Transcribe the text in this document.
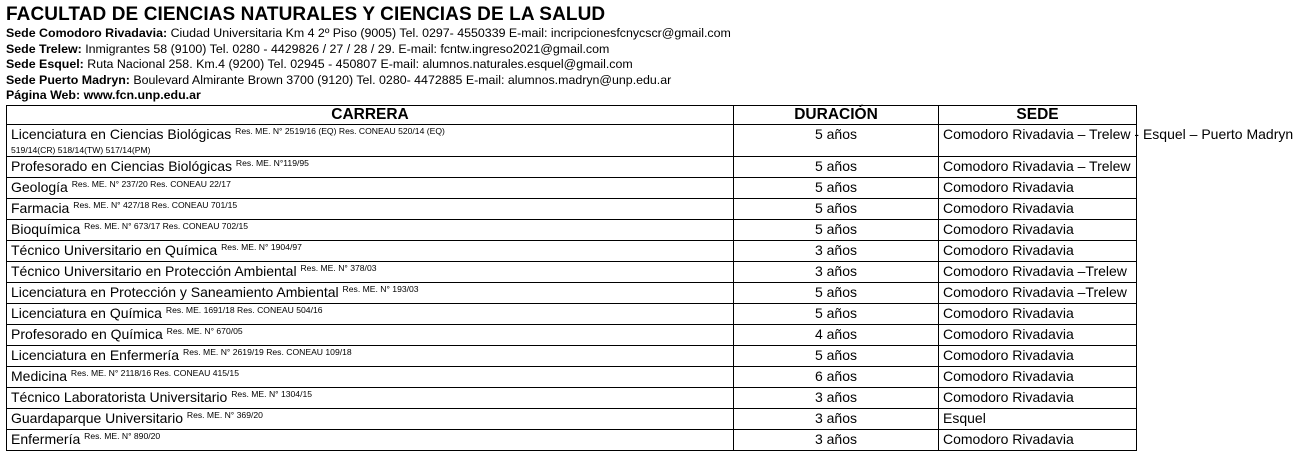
FACULTAD DE CIENCIAS NATURALES Y CIENCIAS DE LA SALUD
Sede Comodoro Rivadavia: Ciudad Universitaria Km 4 2º Piso (9005) Tel. 0297- 4550339 E-mail: incripcionesfcnycscr@gmail.com
Sede Trelew: Inmigrantes 58 (9100) Tel. 0280 - 4429826 / 27 / 28 / 29. E-mail: fcntw.ingreso2021@gmail.com
Sede Esquel: Ruta Nacional 258. Km.4 (9200) Tel. 02945 - 450807 E-mail: alumnos.naturales.esquel@gmail.com
Sede Puerto Madryn: Boulevard Almirante Brown 3700 (9120) Tel. 0280- 4472885 E-mail: alumnos.madryn@unp.edu.ar
Página Web: www.fcn.unp.edu.ar
CARRERA	DURACIÓN	SEDE
Licenciatura en Ciencias Biológicas $^{Res. ME. N^\circ 2519/16 (EQ) Res. CONEAU 520/14 (EQ)}$
519/14(CR) 518/14(TW) 517/14(PM)	5 años	Comodoro Rivadavia – Trelew - Esquel – Puerto Madryn
Profesorado en Ciencias Biológicas $^{Res. ME. N^\circ 119/95}$	5 años	Comodoro Rivadavia – Trelew
Geología $^{Res. ME. N^\circ 237/20 Res. CONEAU 22/17}$	5 años	Comodoro Rivadavia
Farmacia $^{Res. ME. N^\circ 427/18 Res. CONEAU 701/15}$	5 años	Comodoro Rivadavia
Bioquímica $^{Res. ME. N^\circ 673/17 Res. CONEAU 702/15}$	5 años	Comodoro Rivadavia
Técnico Universitario en Química $^{Res. ME. N^\circ 1904/97}$	3 años	Comodoro Rivadavia
Técnico Universitario en Protección Ambiental $^{Res. ME. N^\circ 378/03}$	3 años	Comodoro Rivadavia –Trelew
Licenciatura en Protección y Saneamiento Ambiental $^{Res. ME. N^\circ 193/03}$	5 años	Comodoro Rivadavia –Trelew
Licenciatura en Química $^{Res. ME. 1691/18 Res. CONEAU 504/16}$	5 años	Comodoro Rivadavia
Profesorado en Química $^{Res. ME. N^\circ 670/05}$	4 años	Comodoro Rivadavia
Licenciatura en Enfermería $^{Res. ME. N^\circ 2619/19 Res. CONEAU 109/18}$	5 años	Comodoro Rivadavia
Medicina $^{Res. ME. N^\circ 2118/16 Res. CONEAU 415/15}$	6 años	Comodoro Rivadavia
Técnico Laboratorista Universitario $^{Res. ME. N^\circ 1304/15}$	3 años	Comodoro Rivadavia
Guardaparque Universitario $^{Res. ME. N^\circ 369/20}$	3 años	Esquel
Enfermería $^{Res. ME. N^\circ 890/20}$	3 años	Comodoro Rivadavia
